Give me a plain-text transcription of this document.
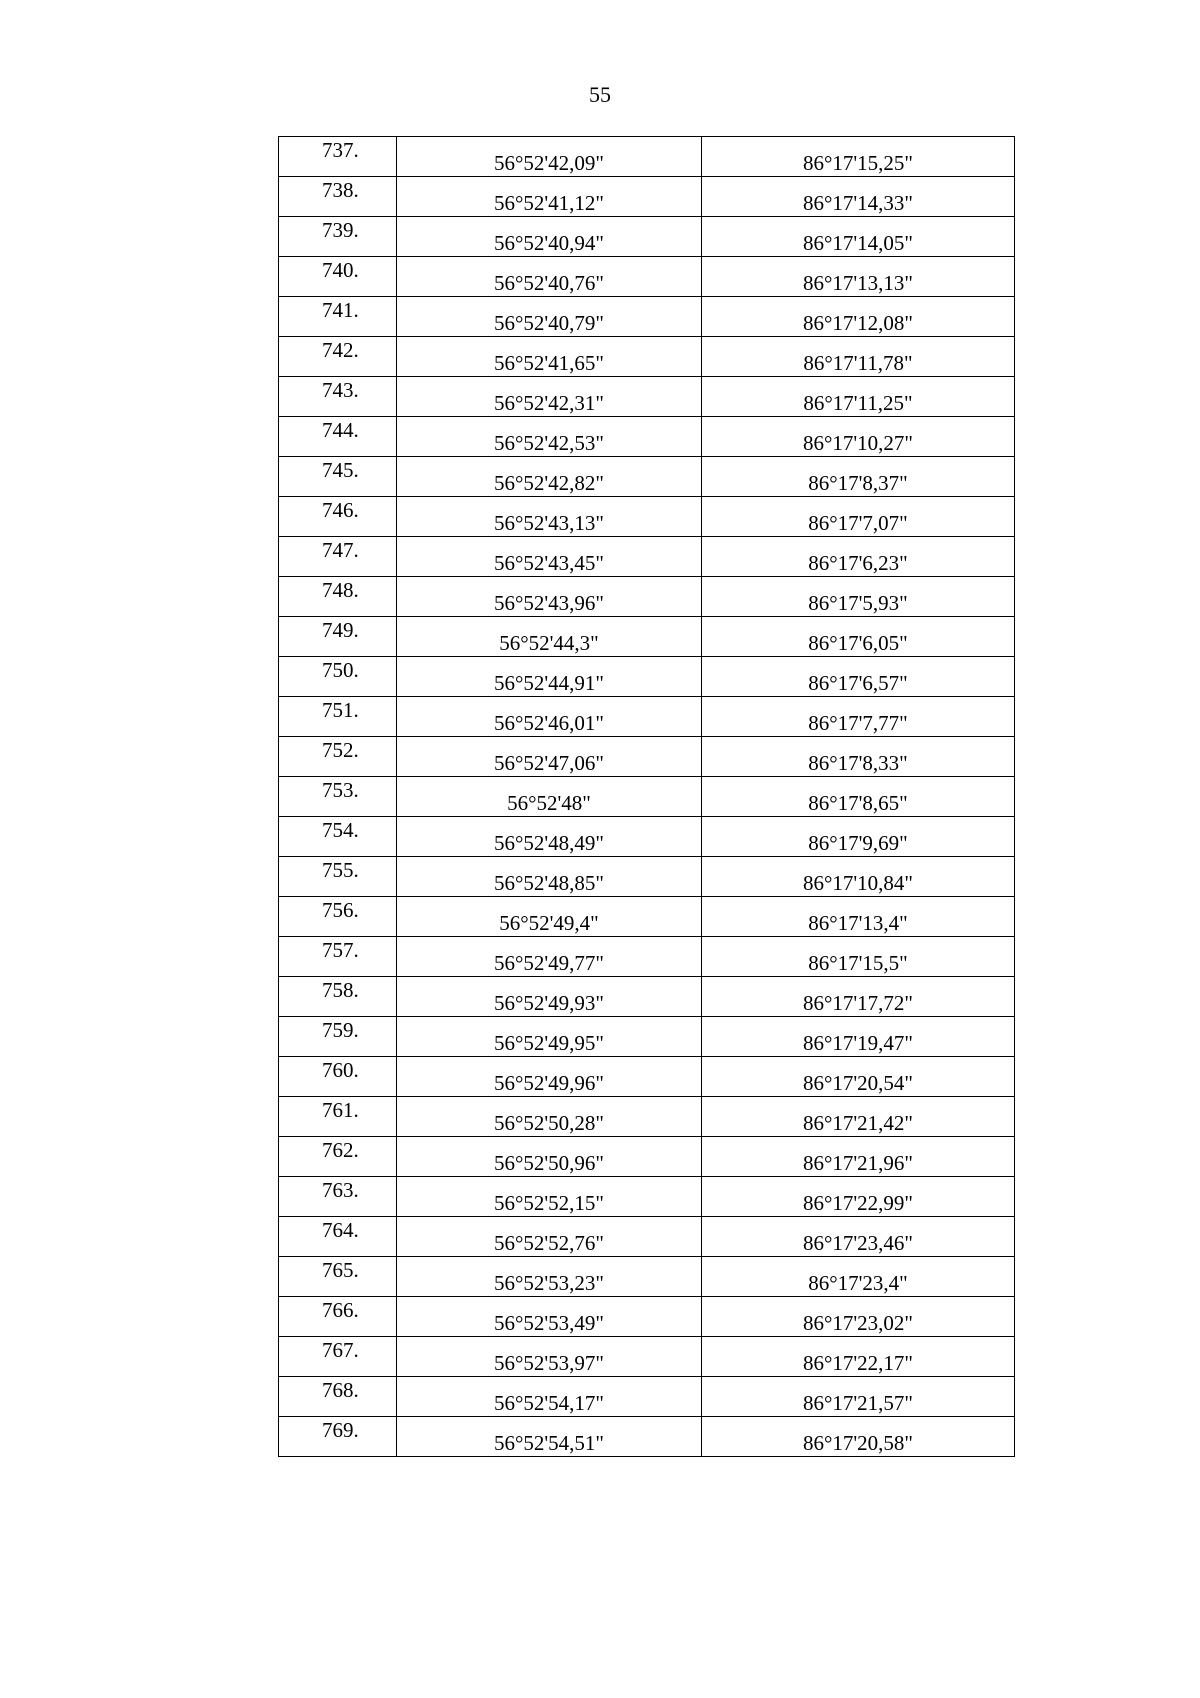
55
737.	56°52'42,09"	86°17'15,25"
738.	56°52'41,12"	86°17'14,33"
739.	56°52'40,94"	86°17'14,05"
740.	56°52'40,76"	86°17'13,13"
741.	56°52'40,79"	86°17'12,08"
742.	56°52'41,65"	86°17'11,78"
743.	56°52'42,31"	86°17'11,25"
744.	56°52'42,53"	86°17'10,27"
745.	56°52'42,82"	86°17'8,37"
746.	56°52'43,13"	86°17'7,07"
747.	56°52'43,45"	86°17'6,23"
748.	56°52'43,96"	86°17'5,93"
749.	56°52'44,3"	86°17'6,05"
750.	56°52'44,91"	86°17'6,57"
751.	56°52'46,01"	86°17'7,77"
752.	56°52'47,06"	86°17'8,33"
753.	56°52'48"	86°17'8,65"
754.	56°52'48,49"	86°17'9,69"
755.	56°52'48,85"	86°17'10,84"
756.	56°52'49,4"	86°17'13,4"
757.	56°52'49,77"	86°17'15,5"
758.	56°52'49,93"	86°17'17,72"
759.	56°52'49,95"	86°17'19,47"
760.	56°52'49,96"	86°17'20,54"
761.	56°52'50,28"	86°17'21,42"
762.	56°52'50,96"	86°17'21,96"
763.	56°52'52,15"	86°17'22,99"
764.	56°52'52,76"	86°17'23,46"
765.	56°52'53,23"	86°17'23,4"
766.	56°52'53,49"	86°17'23,02"
767.	56°52'53,97"	86°17'22,17"
768.	56°52'54,17"	86°17'21,57"
769.	56°52'54,51"	86°17'20,58"
